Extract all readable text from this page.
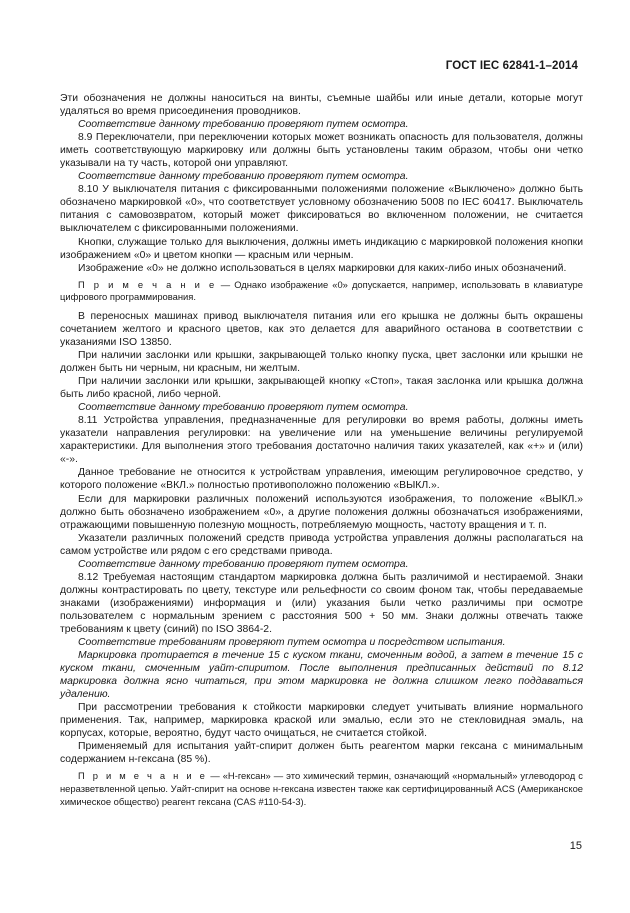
ГОСТ IEC 62841-1–2014

Эти обозначения не должны наноситься на винты, съемные шайбы или иные детали, которые могут удаляться во время присоединения проводников.

Соответствие данному требованию проверяют путем осмотра.

8.9 Переключатели, при переключении которых может возникать опасность для пользователя, должны иметь соответствующую маркировку или должны быть установлены таким образом, чтобы они четко указывали на ту часть, которой они управляют.

Соответствие данному требованию проверяют путем осмотра.

8.10 У выключателя питания с фиксированными положениями положение «Выключено» должно быть обозначено маркировкой «0», что соответствует условному обозначению 5008 по IEC 60417. Выключатель питания с самовозвратом, который может фиксироваться во включенном положении, не считается выключателем с фиксированными положениями.

Кнопки, служащие только для выключения, должны иметь индикацию с маркировкой положения кнопки изображением «0» и цветом кнопки — красным или черным.

Изображение «0» не должно использоваться в целях маркировки для каких-либо иных обозначений.

П р и м е ч а н и е — Однако изображение «0» допускается, например, использовать в клавиатуре цифрового программирования.

В переносных машинах привод выключателя питания или его крышка не должны быть окрашены сочетанием желтого и красного цветов, как это делается для аварийного останова в соответствии с указаниями ISO 13850.

При наличии заслонки или крышки, закрывающей только кнопку пуска, цвет заслонки или крышки не должен быть ни черным, ни красным, ни желтым.

При наличии заслонки или крышки, закрывающей кнопку «Стоп», такая заслонка или крышка должна быть либо красной, либо черной.

Соответствие данному требованию проверяют путем осмотра.

8.11 Устройства управления, предназначенные для регулировки во время работы, должны иметь указатели направления регулировки: на увеличение или на уменьшение величины регулируемой характеристики. Для выполнения этого требования достаточно наличия таких указателей, как «+» и (или) «-».

Данное требование не относится к устройствам управления, имеющим регулировочное средство, у которого положение «ВКЛ.» полностью противоположно положению «ВЫКЛ.».

Если для маркировки различных положений используются изображения, то положение «ВЫКЛ.» должно быть обозначено изображением «0», а другие положения должны обозначаться изображениями, отражающими повышенную полезную мощность, потребляемую мощность, частоту вращения и т. п.

Указатели различных положений средств привода устройства управления должны располагаться на самом устройстве или рядом с его средствами привода.

Соответствие данному требованию проверяют путем осмотра.

8.12 Требуемая настоящим стандартом маркировка должна быть различимой и нестираемой. Знаки должны контрастировать по цвету, текстуре или рельефности со своим фоном так, чтобы передаваемые знаками (изображениями) информация и (или) указания были четко различимы при осмотре пользователем с нормальным зрением с расстояния 500 + 50 мм. Знаки должны отвечать также требованиям к цвету (синий) по ISO 3864-2.

Соответствие требованиям проверяют путем осмотра и посредством испытания.

Маркировка протирается в течение 15 с куском ткани, смоченным водой, а затем в течение 15 с куском ткани, смоченным уайт-спиритом. После выполнения предписанных действий по 8.12 маркировка должна ясно читаться, при этом маркировка не должна слишком легко поддаваться удалению.

При рассмотрении требования к стойкости маркировки следует учитывать влияние нормального применения. Так, например, маркировка краской или эмалью, если это не стекловидная эмаль, на корпусах, которые, вероятно, будут часто очищаться, не считается стойкой.

Применяемый для испытания уайт-спирит должен быть реагентом марки гексана с минимальным содержанием н-гексана (85 %).

П р и м е ч а н и е — «Н-гексан» — это химический термин, означающий «нормальный» углеводород с неразветвленной цепью. Уайт-спирит на основе н-гексана известен также как сертифицированный ACS (Американское химическое общество) реагент гексана (CAS #110-54-3).

15
